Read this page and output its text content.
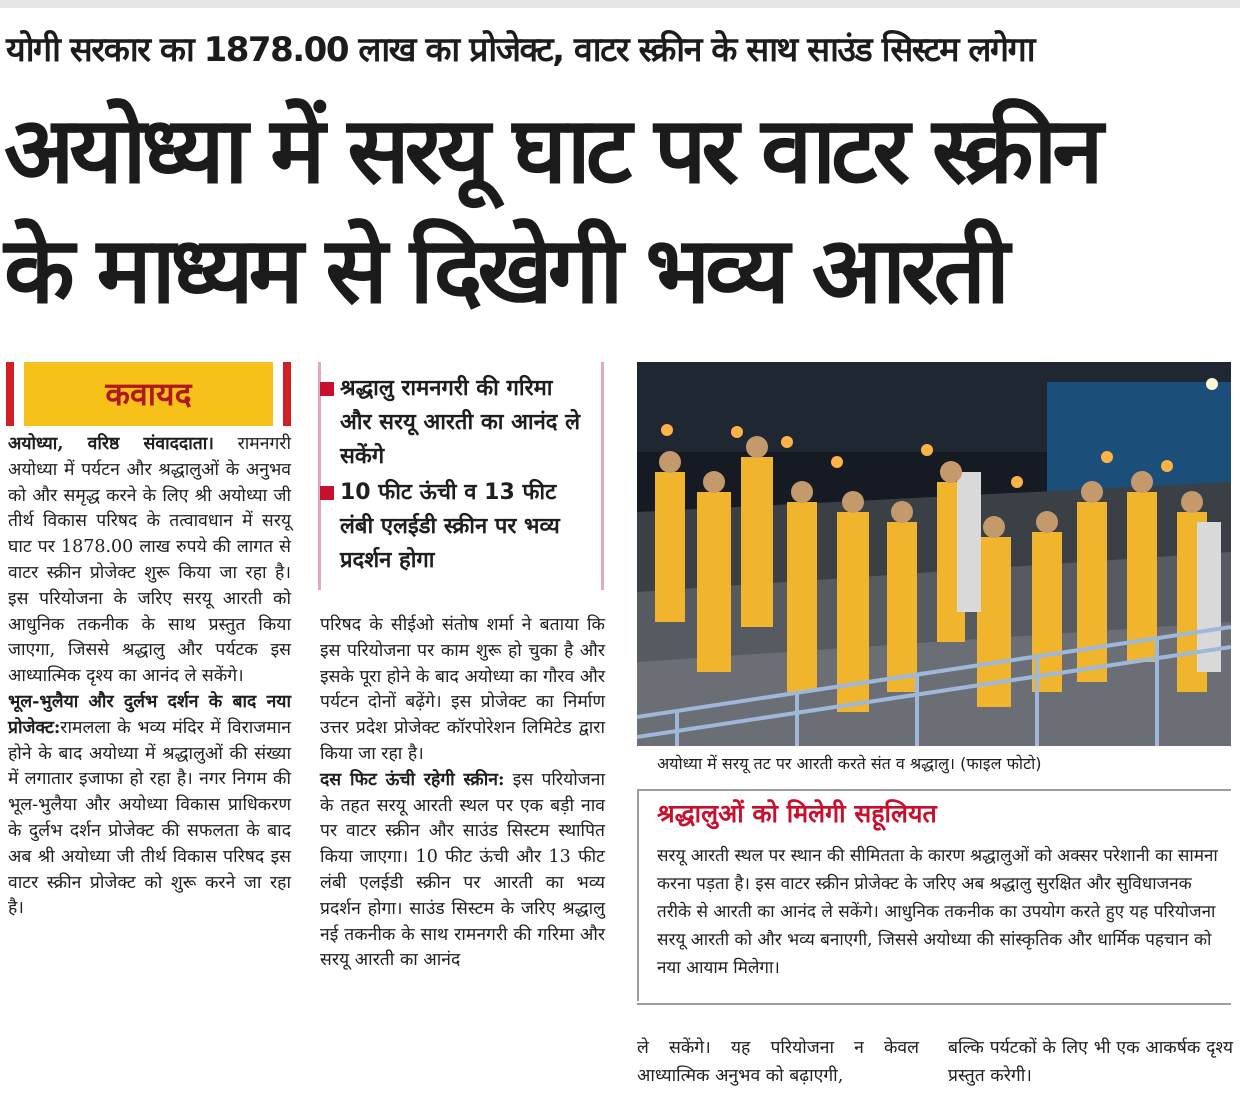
योगी सरकार का 1878.00 लाख का प्रोजेक्ट, वाटर स्क्रीन के साथ साउंड सिस्टम लगेगा
अयोध्या में सरयू घाट पर वाटर स्क्रीन
के माध्यम से दिखेगी भव्य आरती
कवायद

अयोध्या, वरिष्ठ संवाददाता। रामनगरी अयोध्या में पर्यटन और श्रद्धालुओं के अनुभव को और समृद्ध करने के लिए श्री अयोध्या जी तीर्थ विकास परिषद के तत्वावधान में सरयू घाट पर 1878.00 लाख रुपये की लागत से वाटर स्क्रीन प्रोजेक्ट शुरू किया जा रहा है। इस परियोजना के जरिए सरयू आरती को आधुनिक तकनीक के साथ प्रस्तुत किया जाएगा, जिससे श्रद्धालु और पर्यटक इस आध्यात्मिक दृश्य का आनंद ले सकेंगे।

भूल-भुलैया और दुर्लभ दर्शन के बाद नया प्रोजेक्ट:रामलला के भव्य मंदिर में विराजमान होने के बाद अयोध्या में श्रद्धालुओं की संख्या में लगातार इजाफा हो रहा है। नगर निगम की भूल-भुलैया और अयोध्या विकास प्राधिकरण के दुर्लभ दर्शन प्रोजेक्ट की सफलता के बाद अब श्री अयोध्या जी तीर्थ विकास परिषद इस वाटर स्क्रीन प्रोजेक्ट को शुरू करने जा रहा है।

श्रद्धालु रामनगरी की गरिमा और सरयू आरती का आनंद ले सकेंगे
10 फीट ऊंची व 13 फीट लंबी एलईडी स्क्रीन पर भव्य प्रदर्शन होगा

परिषद के सीईओ संतोष शर्मा ने बताया कि इस परियोजना पर काम शुरू हो चुका है और इसके पूरा होने के बाद अयोध्या का गौरव और पर्यटन दोनों बढ़ेंगे। इस प्रोजेक्ट का निर्माण उत्तर प्रदेश प्रोजेक्ट कॉरपोरेशन लिमिटेड द्वारा किया जा रहा है।

दस फिट ऊंची रहेगी स्क्रीन: इस परियोजना के तहत सरयू आरती स्थल पर एक बड़ी नाव पर वाटर स्क्रीन और साउंड सिस्टम स्थापित किया जाएगा। 10 फीट ऊंची और 13 फीट लंबी एलईडी स्क्रीन पर आरती का भव्य प्रदर्शन होगा। साउंड सिस्टम के जरिए श्रद्धालु नई तकनीक के साथ रामनगरी की गरिमा और सरयू आरती का आनंद

अयोध्या में सरयू तट पर आरती करते संत व श्रद्धालु। (फाइल फोटो)
श्रद्धालुओं को मिलेगी सहूलियत
सरयू आरती स्थल पर स्थान की सीमितता के कारण श्रद्धालुओं को अक्सर परेशानी का सामना करना पड़ता है। इस वाटर स्क्रीन प्रोजेक्ट के जरिए अब श्रद्धालु सुरक्षित और सुविधाजनक तरीके से आरती का आनंद ले सकेंगे। आधुनिक तकनीक का उपयोग करते हुए यह परियोजना सरयू आरती को और भव्य बनाएगी, जिससे अयोध्या की सांस्कृतिक और धार्मिक पहचान को नया आयाम मिलेगा।
ले सकेंगे। यह परियोजना न केवल आध्यात्मिक अनुभव को बढ़ाएगी,
बल्कि पर्यटकों के लिए भी एक आकर्षक दृश्य प्रस्तुत करेगी।
